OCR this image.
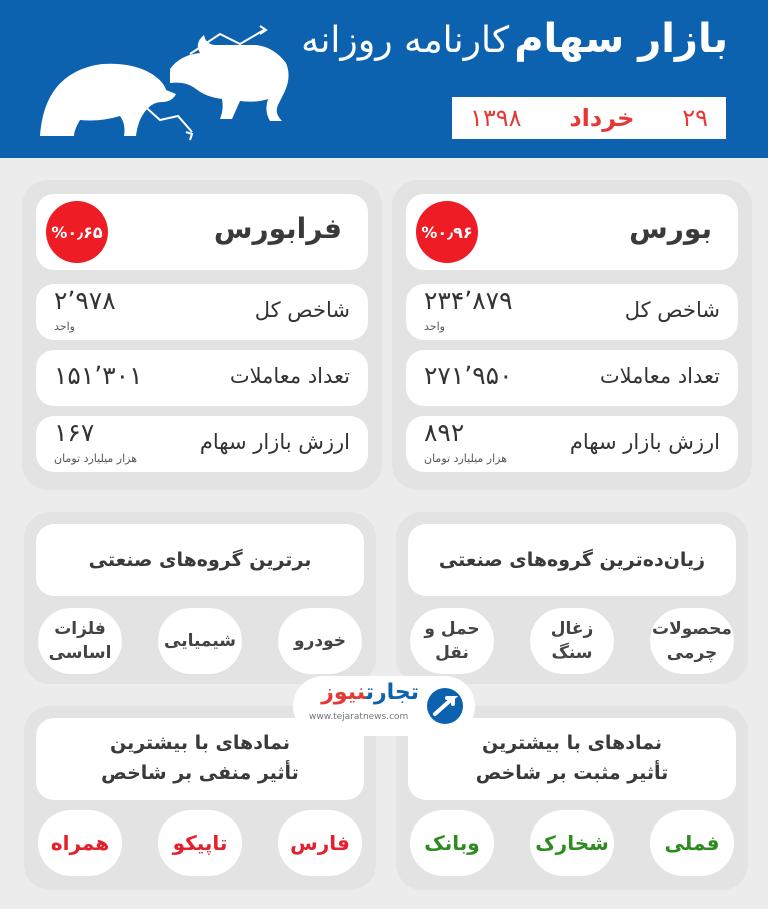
بازار سهام کارنامه روزانه
۲۹
خرداد
۱۳۹۸
بورس
%۰٫۹۶
شاخص کل
۲۳۴٬۸۷۹
واحد
تعداد معاملات
۲۷۱٬۹۵۰
ارزش بازار سهام
۸۹۲
هزار میلیارد تومان
فرابورس
%۰٫۶۵
شاخص کل
۲٬۹۷۸
واحد
تعداد معاملات
۱۵۱٬۳۰۱
ارزش بازار سهام
۱۶۷
هزار میلیارد تومان
زیان‌ده‌ترین گروه‌های صنعتی
محصولات چرمی
زغال سنگ
حمل و نقل
برترین گروه‌های صنعتی
خودرو
شیمیایی
فلزات اساسی
نمادهای با بیشترین
تأثیر مثبت بر شاخص
فملی
شخارک
وبانک
نمادهای با بیشترین
تأثیر منفی بر شاخص
فارس
تاپیکو
همراه
تجارتنیوز
www.tejaratnews.com
